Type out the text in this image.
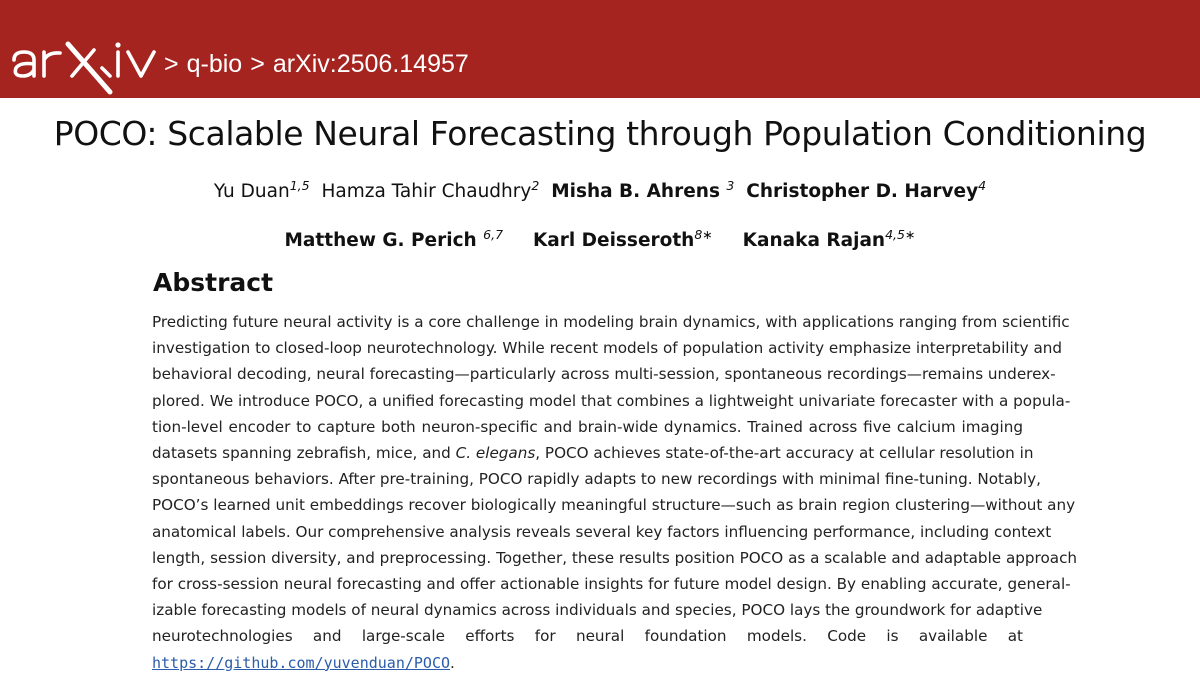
> q-bio > arXiv:2506.14957
POCO: Scalable Neural Forecasting through Population Conditioning
Yu Duan$^{1,5}$ Hamza Tahir Chaudhry$^2$ Misha B. Ahrens $^3$ Christopher D. Harvey$^4$
Matthew G. Perich $^{6,7}$ Karl Deisseroth$^{8∗}$ Kanaka Rajan$^{4,5∗}$
Abstract
Predicting future neural activity is a core challenge in modeling brain dynamics, with applications ranging from scientific
investigation to closed-loop neurotechnology. While recent models of population activity emphasize interpretability and
behavioral decoding, neural forecasting—particularly across multi-session, spontaneous recordings—remains underex-
plored. We introduce POCO, a unified forecasting model that combines a lightweight univariate forecaster with a popula-
tion-level encoder to capture both neuron-specific and brain-wide dynamics. Trained across five calcium imaging
datasets spanning zebrafish, mice, and C. elegans, POCO achieves state-of-the-art accuracy at cellular resolution in
spontaneous behaviors. After pre-training, POCO rapidly adapts to new recordings with minimal fine-tuning. Notably,
POCO’s learned unit embeddings recover biologically meaningful structure—such as brain region clustering—without any
anatomical labels. Our comprehensive analysis reveals several key factors influencing performance, including context
length, session diversity, and preprocessing. Together, these results position POCO as a scalable and adaptable approach
for cross-session neural forecasting and offer actionable insights for future model design. By enabling accurate, general-
izable forecasting models of neural dynamics across individuals and species, POCO lays the groundwork for adaptive
neurotechnologies and large-scale efforts for neural foundation models. Code is available at
https://github.com/yuvenduan/POCO.
